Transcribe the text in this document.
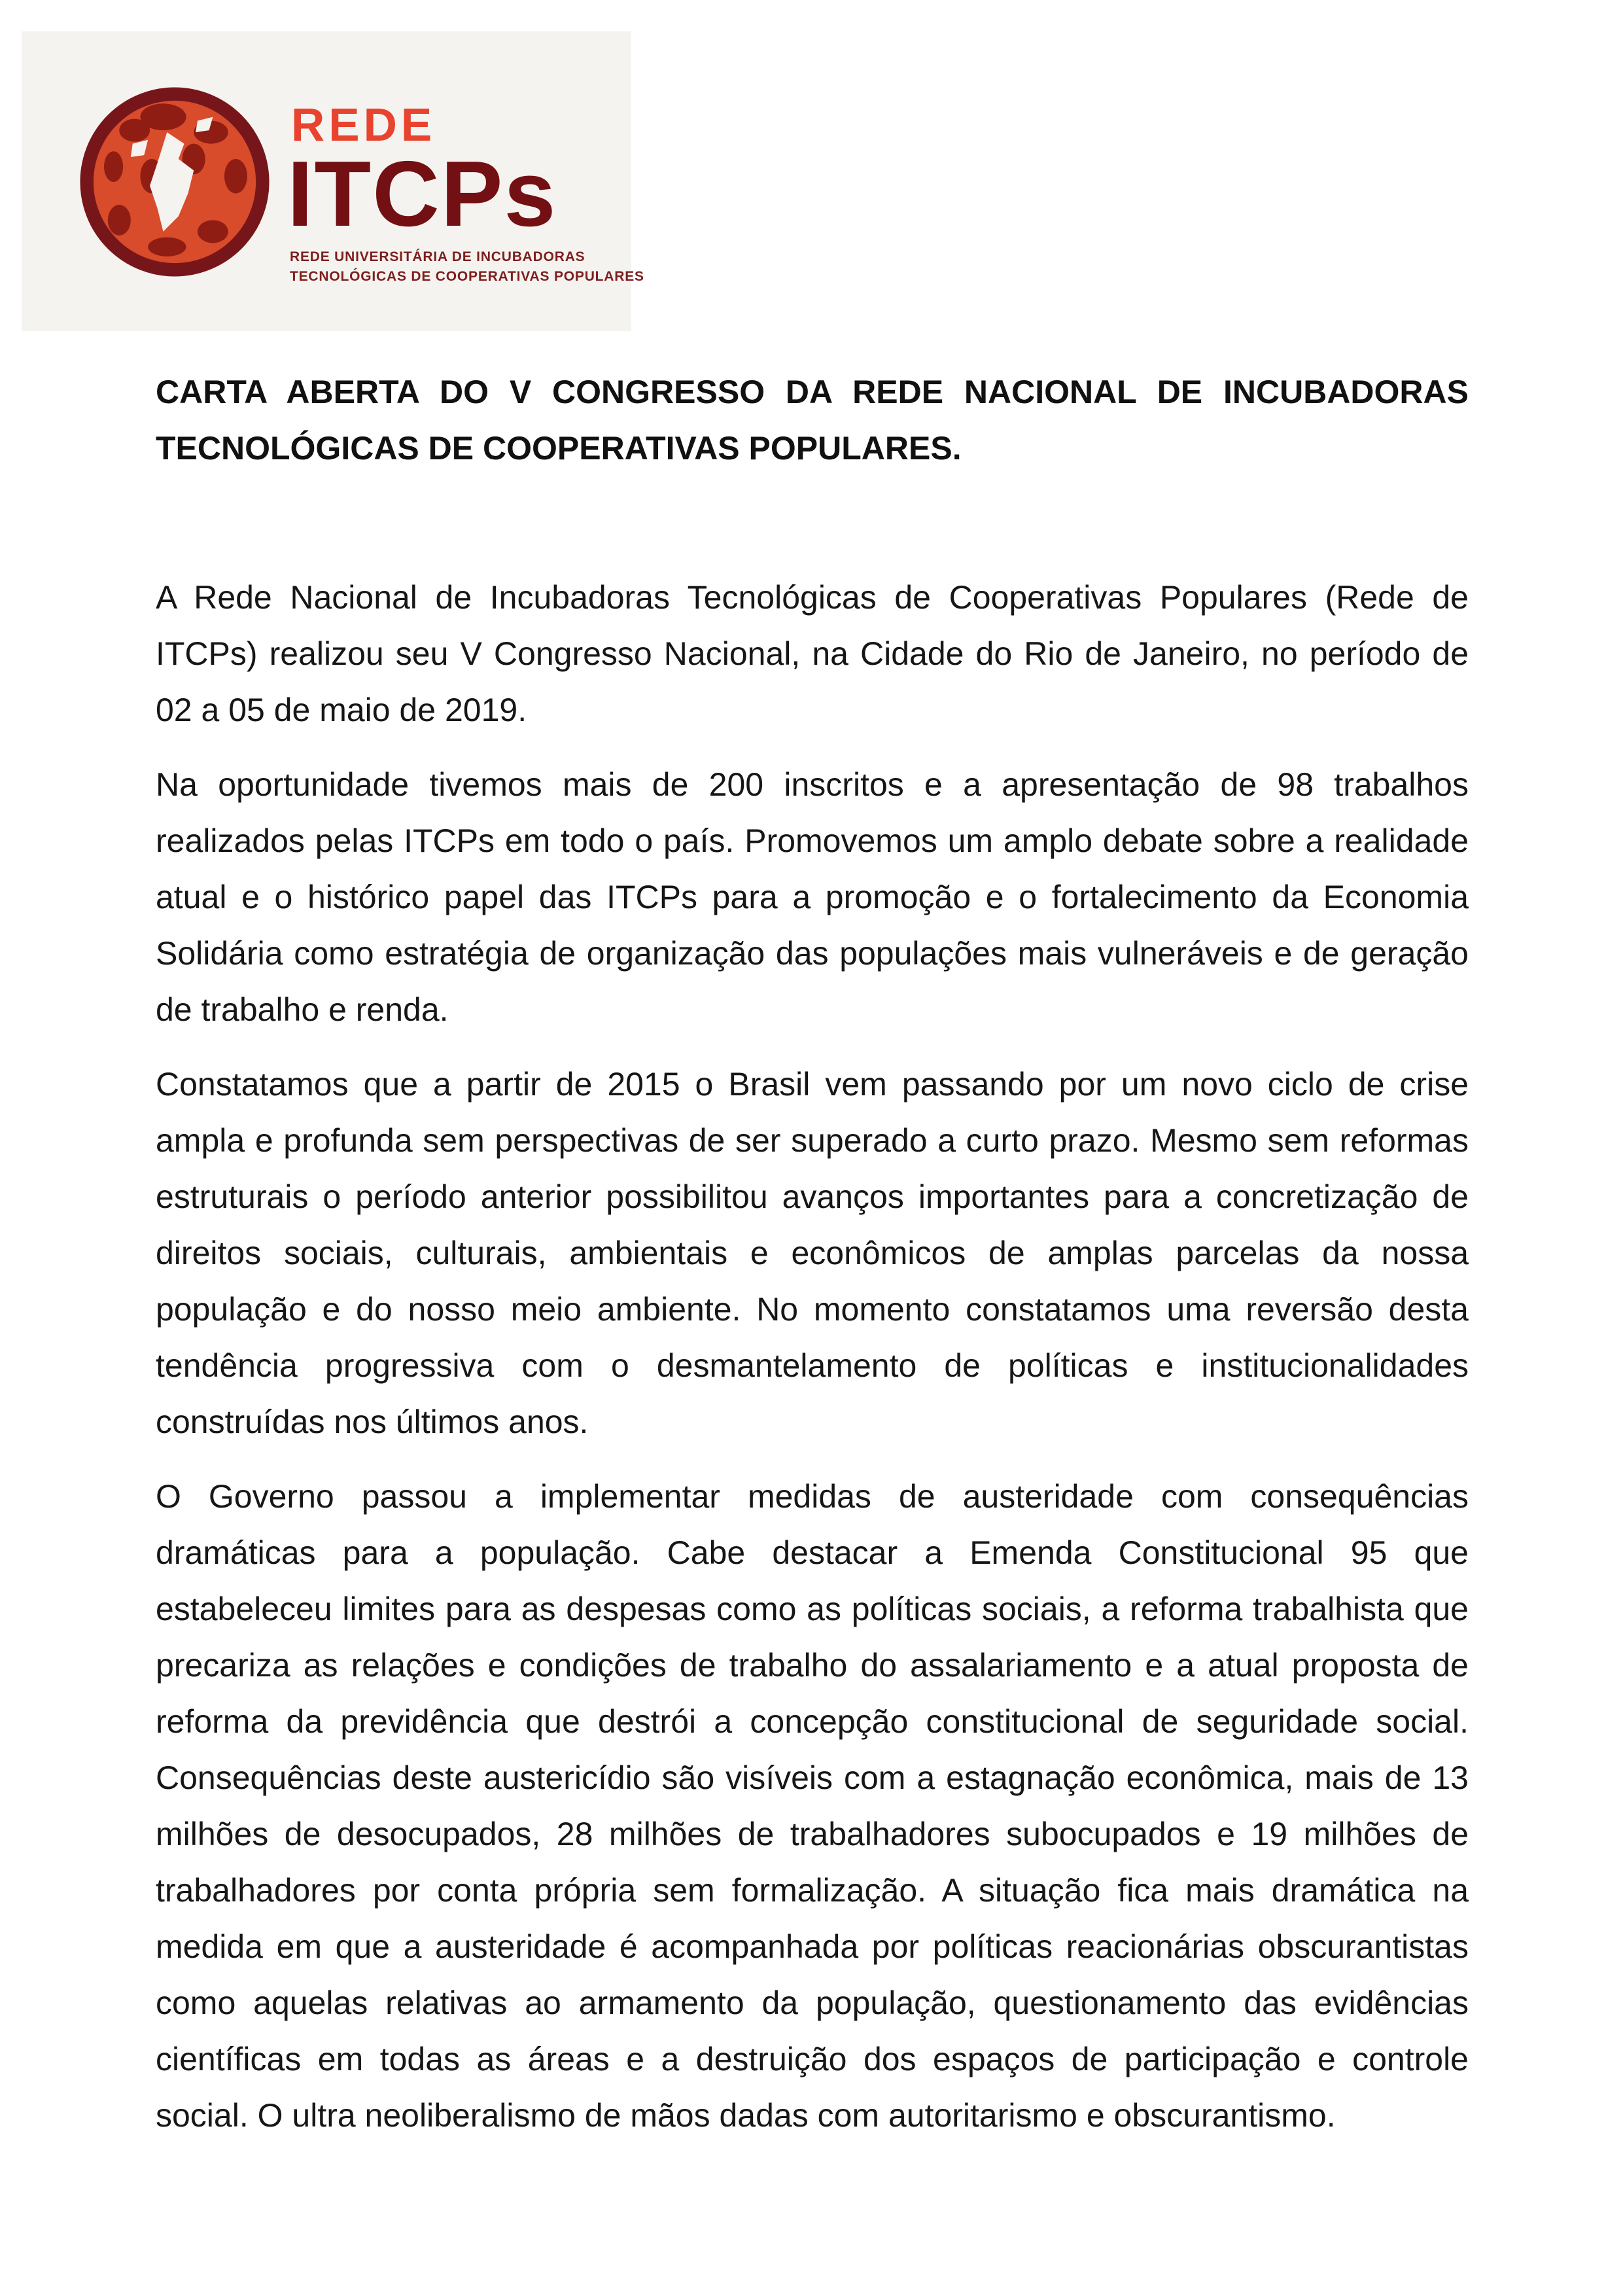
REDE
ITCPs
REDE UNIVERSITÁRIA DE INCUBADORAS
TECNOLÓGICAS DE COOPERATIVAS POPULARES
CARTA ABERTA DO V CONGRESSO DA REDE NACIONAL DE INCUBADORAS TECNOLÓGICAS DE COOPERATIVAS POPULARES.

A Rede Nacional de Incubadoras Tecnológicas de Cooperativas Populares (Rede de ITCPs) realizou seu V Congresso Nacional, na Cidade do Rio de Janeiro, no período de 02 a 05 de maio de 2019.

Na oportunidade tivemos mais de 200 inscritos e a apresentação de 98 trabalhos realizados pelas ITCPs em todo o país. Promovemos um amplo debate sobre a realidade atual e o histórico papel das ITCPs para a promoção e o fortalecimento da Economia Solidária como estratégia de organização das populações mais vulneráveis e de geração de trabalho e renda.

Constatamos que a partir de 2015 o Brasil vem passando por um novo ciclo de crise ampla e profunda sem perspectivas de ser superado a curto prazo. Mesmo sem reformas estruturais o período anterior possibilitou avanços importantes para a concretização de direitos sociais, culturais, ambientais e econômicos de amplas parcelas da nossa população e do nosso meio ambiente. No momento constatamos uma reversão desta tendência progressiva com o desmantelamento de políticas e institucionalidades construídas nos últimos anos.

O Governo passou a implementar medidas de austeridade com consequências dramáticas para a população. Cabe destacar a Emenda Constitucional 95 que estabeleceu limites para as despesas como as políticas sociais, a reforma trabalhista que precariza as relações e condições de trabalho do assalariamento e a atual proposta de reforma da previdência que destrói a concepção constitucional de seguridade social. Consequências deste austericídio são visíveis com a estagnação econômica, mais de 13 milhões de desocupados, 28 milhões de trabalhadores subocupados e 19 milhões de trabalhadores por conta própria sem formalização. A situação fica mais dramática na medida em que a austeridade é acompanhada por políticas reacionárias obscurantistas como aquelas relativas ao armamento da população, questionamento das evidências científicas em todas as áreas e a destruição dos espaços de participação e controle social. O ultra neoliberalismo de mãos dadas com autoritarismo e obscurantismo.
